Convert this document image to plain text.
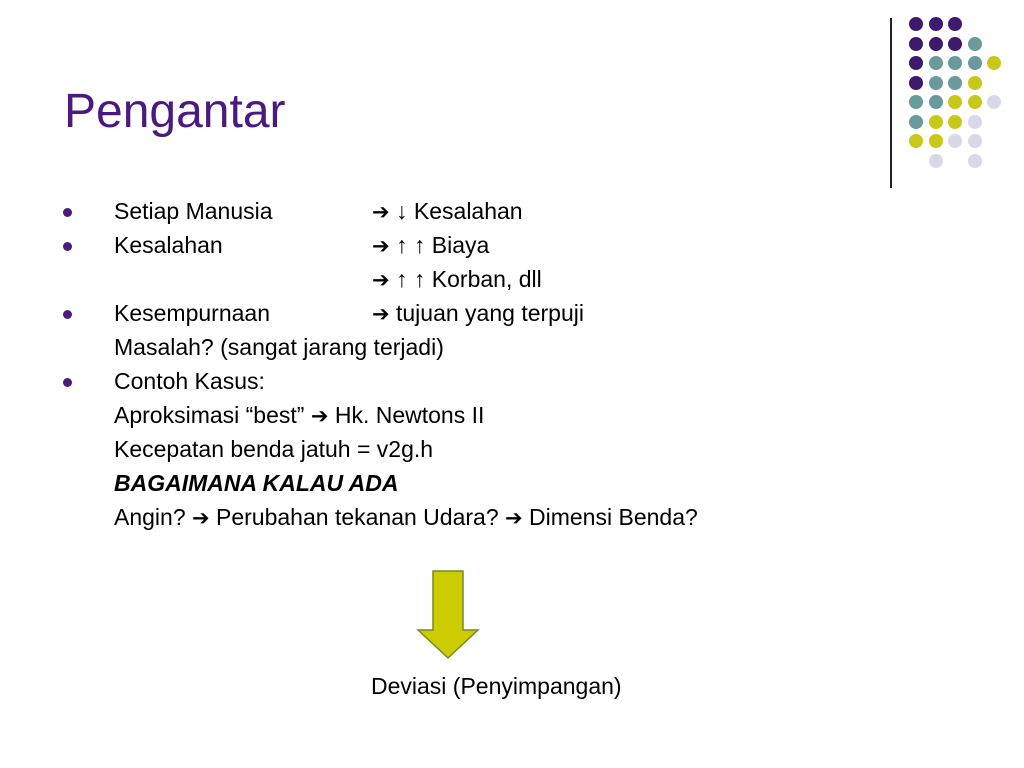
Pengantar
Setiap Manusia	➔ ↓ Kesalahan
Kesalahan	➔ ↑ ↑ Biaya
➔ ↑ ↑ Korban, dll
Kesempurnaan	➔ tujuan yang terpuji
Masalah? (sangat jarang terjadi)
Contoh Kasus:
Aproksimasi “best” ➔ Hk. Newtons II
Kecepatan benda jatuh = v2g.h
BAGAIMANA KALAU ADA
Angin? ➔ Perubahan tekanan Udara? ➔ Dimensi Benda?
Deviasi (Penyimpangan)
